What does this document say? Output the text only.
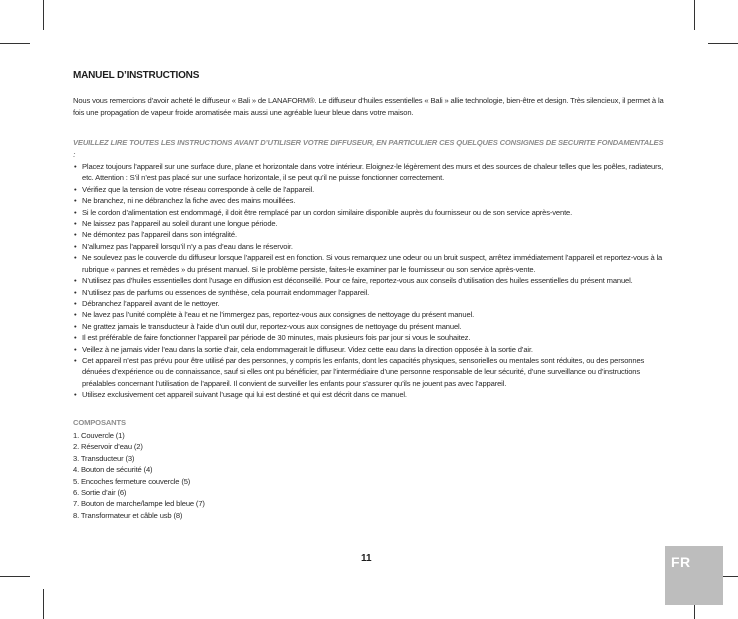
MANUEL D’INSTRUCTIONS

Nous vous remercions d’avoir acheté le diffuseur « Bali » de LANAFORM®. Le diffuseur d’huiles essentielles « Bali » allie technologie, bien-être et design. Très silencieux, il permet à la fois une propagation de vapeur froide aromatisée mais aussi une agréable lueur bleue dans votre maison.

VEUILLEZ LIRE TOUTES LES INSTRUCTIONS AVANT D’UTILISER VOTRE DIFFUSEUR, EN PARTICULIER CES QUELQUES CONSIGNES DE SECURITE FONDAMENTALES :
• Placez toujours l’appareil sur une surface dure, plane et horizontale dans votre intérieur. Eloignez-le légèrement des murs et des sources de chaleur telles que les poêles, radiateurs, etc. Attention : S’il n’est pas placé sur une surface horizontale, il se peut qu’il ne puisse fonctionner correctement.
• Vérifiez que la tension de votre réseau corresponde à celle de l’appareil.
• Ne branchez, ni ne débranchez la fiche avec des mains mouillées.
• Si le cordon d’alimentation est endommagé, il doit être remplacé par un cordon similaire disponible auprès du fournisseur ou de son service après-vente.
• Ne laissez pas l’appareil au soleil durant une longue période.
• Ne démontez pas l’appareil dans son intégralité.
• N’allumez pas l’appareil lorsqu’il n’y a pas d’eau dans le réservoir.
• Ne soulevez pas le couvercle du diffuseur lorsque l’appareil est en fonction. Si vous remarquez une odeur ou un bruit suspect, arrêtez immédiatement l’appareil et reportez-vous à la rubrique « pannes et remèdes » du présent manuel. Si le problème persiste, faites-le examiner par le fournisseur ou son service après-vente.
• N’utilisez pas d’huiles essentielles dont l’usage en diffusion est déconseillé. Pour ce faire, reportez-vous aux conseils d’utilisation des huiles essentielles du présent manuel.
• N’utilisez pas de parfums ou essences de synthèse, cela pourrait endommager l’appareil.
• Débranchez l’appareil avant de le nettoyer.
• Ne lavez pas l’unité complète à l’eau et ne l’immergez pas, reportez-vous aux consignes de nettoyage du présent manuel.
• Ne grattez jamais le transducteur à l’aide d’un outil dur, reportez-vous aux consignes de nettoyage du présent manuel.
• Il est préférable de faire fonctionner l’appareil par période de 30 minutes, mais plusieurs fois par jour si vous le souhaitez.
• Veillez à ne jamais vider l’eau dans la sortie d’air, cela endommagerait le diffuseur. Videz cette eau dans la direction opposée à la sortie d’air.
• Cet appareil n’est pas prévu pour être utilisé par des personnes, y compris les enfants, dont les capacités physiques, sensorielles ou mentales sont réduites, ou des personnes dénuées d’expérience ou de connaissance, sauf si elles ont pu bénéficier, par l’intermédiaire d’une personne responsable de leur sécurité, d’une surveillance ou d’instructions préalables concernant l’utilisation de l’appareil. Il convient de surveiller les enfants pour s’assurer qu’ils ne jouent pas avec l’appareil.
• Utilisez exclusivement cet appareil suivant l’usage qui lui est destiné et qui est décrit dans ce manuel.
COMPOSANTS
1. Couvercle (1)
2. Réservoir d’eau (2)
3. Transducteur (3)
4. Bouton de sécurité (4)
5. Encoches fermeture couvercle (5)
6. Sortie d’air (6)
7. Bouton de marche/lampe led bleue (7)
8. Transformateur et câble usb (8)
11	FR
